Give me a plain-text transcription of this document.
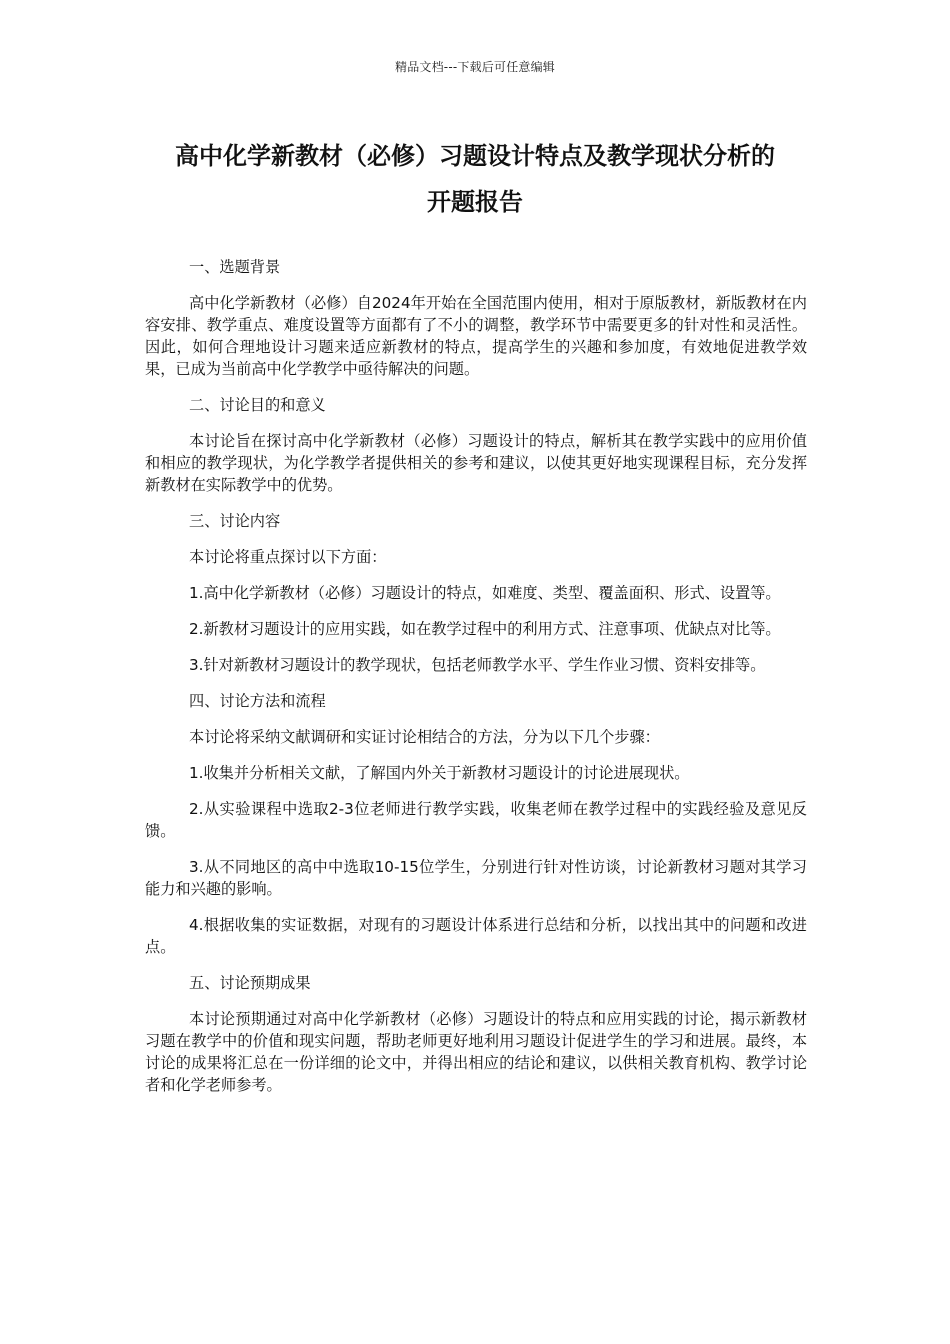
精品文档---下载后可任意编辑
高中化学新教材（必修）习题设计特点及教学现状分析的
开题报告

一、选题背景

高中化学新教材（必修）自2024年开始在全国范围内使用，相对于原版教材，新版教材在内容安排、教学重点、难度设置等方面都有了不小的调整，教学环节中需要更多的针对性和灵活性。因此，如何合理地设计习题来适应新教材的特点，提高学生的兴趣和参加度，有效地促进教学效果，已成为当前高中化学教学中亟待解决的问题。

二、讨论目的和意义

本讨论旨在探讨高中化学新教材（必修）习题设计的特点，解析其在教学实践中的应用价值和相应的教学现状，为化学教学者提供相关的参考和建议，以使其更好地实现课程目标，充分发挥新教材在实际教学中的优势。

三、讨论内容

本讨论将重点探讨以下方面：

1.高中化学新教材（必修）习题设计的特点，如难度、类型、覆盖面积、形式、设置等。

2.新教材习题设计的应用实践，如在教学过程中的利用方式、注意事项、优缺点对比等。

3.针对新教材习题设计的教学现状，包括老师教学水平、学生作业习惯、资料安排等。

四、讨论方法和流程

本讨论将采纳文献调研和实证讨论相结合的方法，分为以下几个步骤：

1.收集并分析相关文献，了解国内外关于新教材习题设计的讨论进展现状。

2.从实验课程中选取2-3位老师进行教学实践，收集老师在教学过程中的实践经验及意见反馈。

3.从不同地区的高中中选取10-15位学生，分别进行针对性访谈，讨论新教材习题对其学习能力和兴趣的影响。

4.根据收集的实证数据，对现有的习题设计体系进行总结和分析，以找出其中的问题和改进点。

五、讨论预期成果

本讨论预期通过对高中化学新教材（必修）习题设计的特点和应用实践的讨论，揭示新教材习题在教学中的价值和现实问题，帮助老师更好地利用习题设计促进学生的学习和进展。最终，本讨论的成果将汇总在一份详细的论文中，并得出相应的结论和建议，以供相关教育机构、教学讨论者和化学老师参考。
